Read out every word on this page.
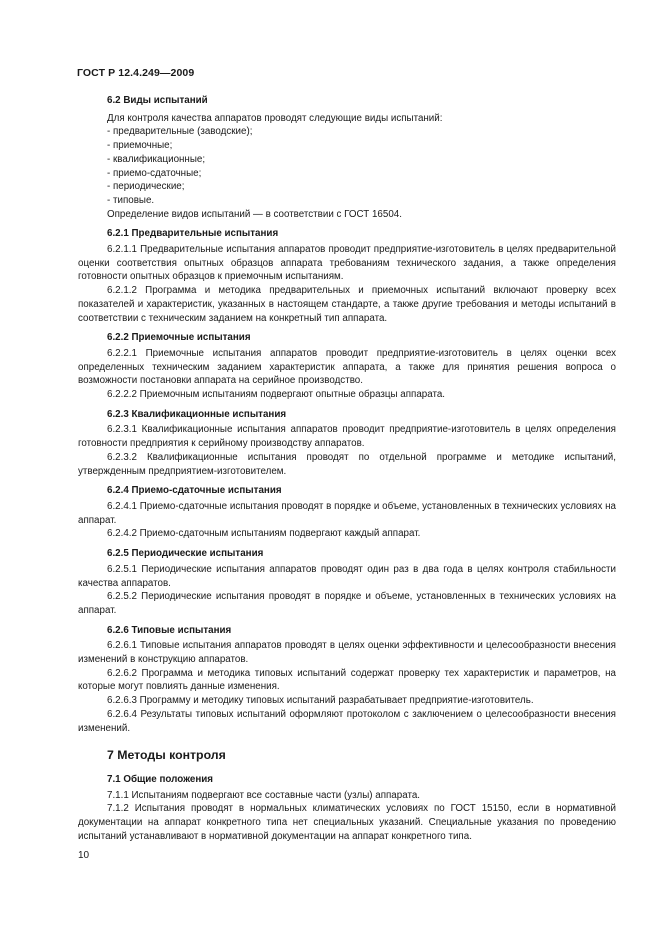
ГОСТ Р 12.4.249—2009

6.2 Виды испытаний

Для контроля качества аппаратов проводят следующие виды испытаний:

- предварительные (заводские);

- приемочные;

- квалификационные;

- приемо-сдаточные;

- периодические;

- типовые.

Определение видов испытаний — в соответствии с ГОСТ 16504.

6.2.1 Предварительные испытания

6.2.1.1 Предварительные испытания аппаратов проводит предприятие-изготовитель в целях предварительной оценки соответствия опытных образцов аппарата требованиям технического задания, а также определения готовности опытных образцов к приемочным испытаниям.

6.2.1.2 Программа и методика предварительных и приемочных испытаний включают проверку всех показателей и характеристик, указанных в настоящем стандарте, а также другие требования и методы испытаний в соответствии с техническим заданием на конкретный тип аппарата.

6.2.2 Приемочные испытания

6.2.2.1 Приемочные испытания аппаратов проводит предприятие-изготовитель в целях оценки всех определенных техническим заданием характеристик аппарата, а также для принятия решения вопроса о возможности постановки аппарата на серийное производство.

6.2.2.2 Приемочным испытаниям подвергают опытные образцы аппарата.

6.2.3 Квалификационные испытания

6.2.3.1 Квалификационные испытания аппаратов проводит предприятие-изготовитель в целях определения готовности предприятия к серийному производству аппаратов.

6.2.3.2 Квалификационные испытания проводят по отдельной программе и методике испытаний, утвержденным предприятием-изготовителем.

6.2.4 Приемо-сдаточные испытания

6.2.4.1 Приемо-сдаточные испытания проводят в порядке и объеме, установленных в технических условиях на аппарат.

6.2.4.2 Приемо-сдаточным испытаниям подвергают каждый аппарат.

6.2.5 Периодические испытания

6.2.5.1 Периодические испытания аппаратов проводят один раз в два года в целях контроля стабильности качества аппаратов.

6.2.5.2 Периодические испытания проводят в порядке и объеме, установленных в технических условиях на аппарат.

6.2.6 Типовые испытания

6.2.6.1 Типовые испытания аппаратов проводят в целях оценки эффективности и целесообразности внесения изменений в конструкцию аппаратов.

6.2.6.2 Программа и методика типовых испытаний содержат проверку тех характеристик и параметров, на которые могут повлиять данные изменения.

6.2.6.3 Программу и методику типовых испытаний разрабатывает предприятие-изготовитель.

6.2.6.4 Результаты типовых испытаний оформляют протоколом с заключением о целесообразности внесения изменений.

7 Методы контроля

7.1 Общие положения

7.1.1 Испытаниям подвергают все составные части (узлы) аппарата.

7.1.2 Испытания проводят в нормальных климатических условиях по ГОСТ 15150, если в нормативной документации на аппарат конкретного типа нет специальных указаний. Специальные указания по проведению испытаний устанавливают в нормативной документации на аппарат конкретного типа.

10
